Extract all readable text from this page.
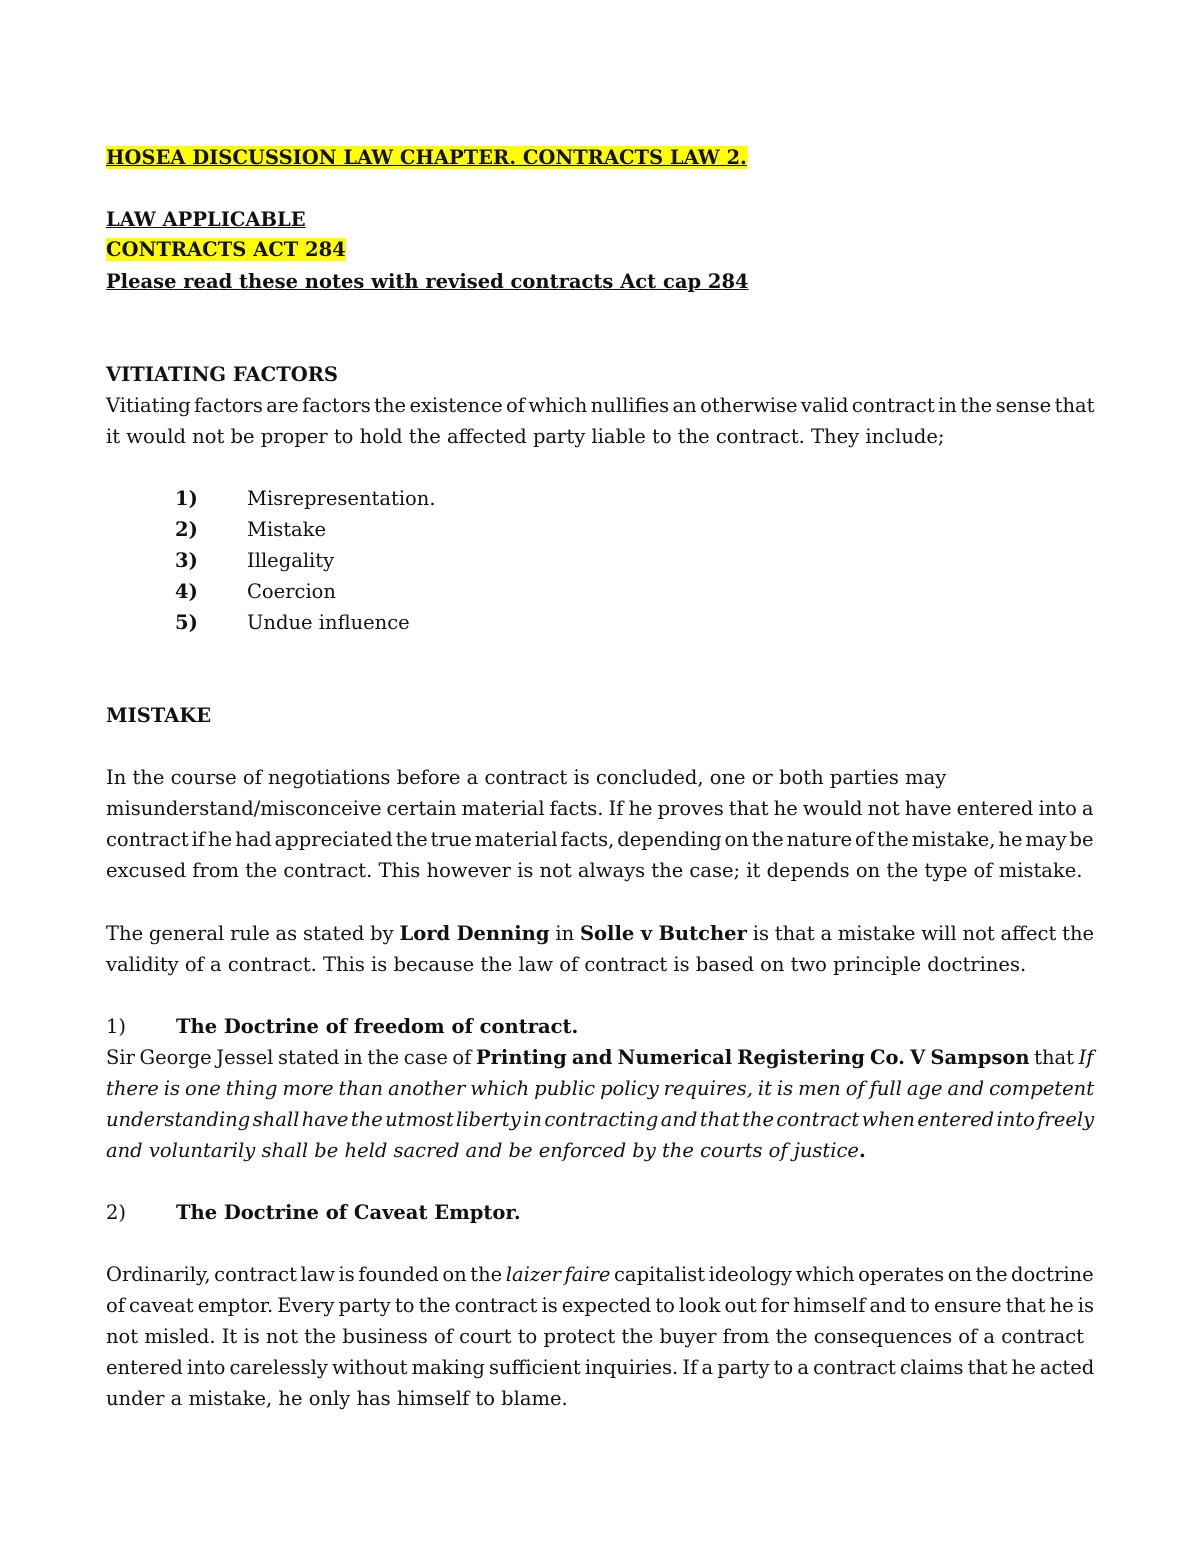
HOSEA DISCUSSION LAW CHAPTER. CONTRACTS LAW 2.
LAW APPLICABLE
CONTRACTS ACT 284
Please read these notes with revised contracts Act cap 284
VITIATING FACTORS
Vitiating factors are factors the existence of which nullifies an otherwise valid contract in the sense that
it would not be proper to hold the affected party liable to the contract. They include;
1)	Misrepresentation.
2)	Mistake
3)	Illegality
4)	Coercion
5)	Undue influence
MISTAKE
In the course of negotiations before a contract is concluded, one or both parties may
misunderstand/misconceive certain material facts. If he proves that he would not have entered into a
contract if he had appreciated the true material facts, depending on the nature of the mistake, he may be
excused from the contract. This however is not always the case; it depends on the type of mistake.
The general rule as stated by Lord Denning in Solle v Butcher is that a mistake will not affect the
validity of a contract. This is because the law of contract is based on two principle doctrines.
1)	The Doctrine of freedom of contract.
Sir George Jessel stated in the case of Printing and Numerical Registering Co. V Sampson that If
there is one thing more than another which public policy requires, it is men of full age and competent
understanding shall have the utmost liberty in contracting and that the contract when entered into freely
and voluntarily shall be held sacred and be enforced by the courts of justice.
2)	The Doctrine of Caveat Emptor.
Ordinarily, contract law is founded on the laizer faire capitalist ideology which operates on the doctrine
of caveat emptor. Every party to the contract is expected to look out for himself and to ensure that he is
not misled. It is not the business of court to protect the buyer from the consequences of a contract
entered into carelessly without making sufficient inquiries. If a party to a contract claims that he acted
under a mistake, he only has himself to blame.
